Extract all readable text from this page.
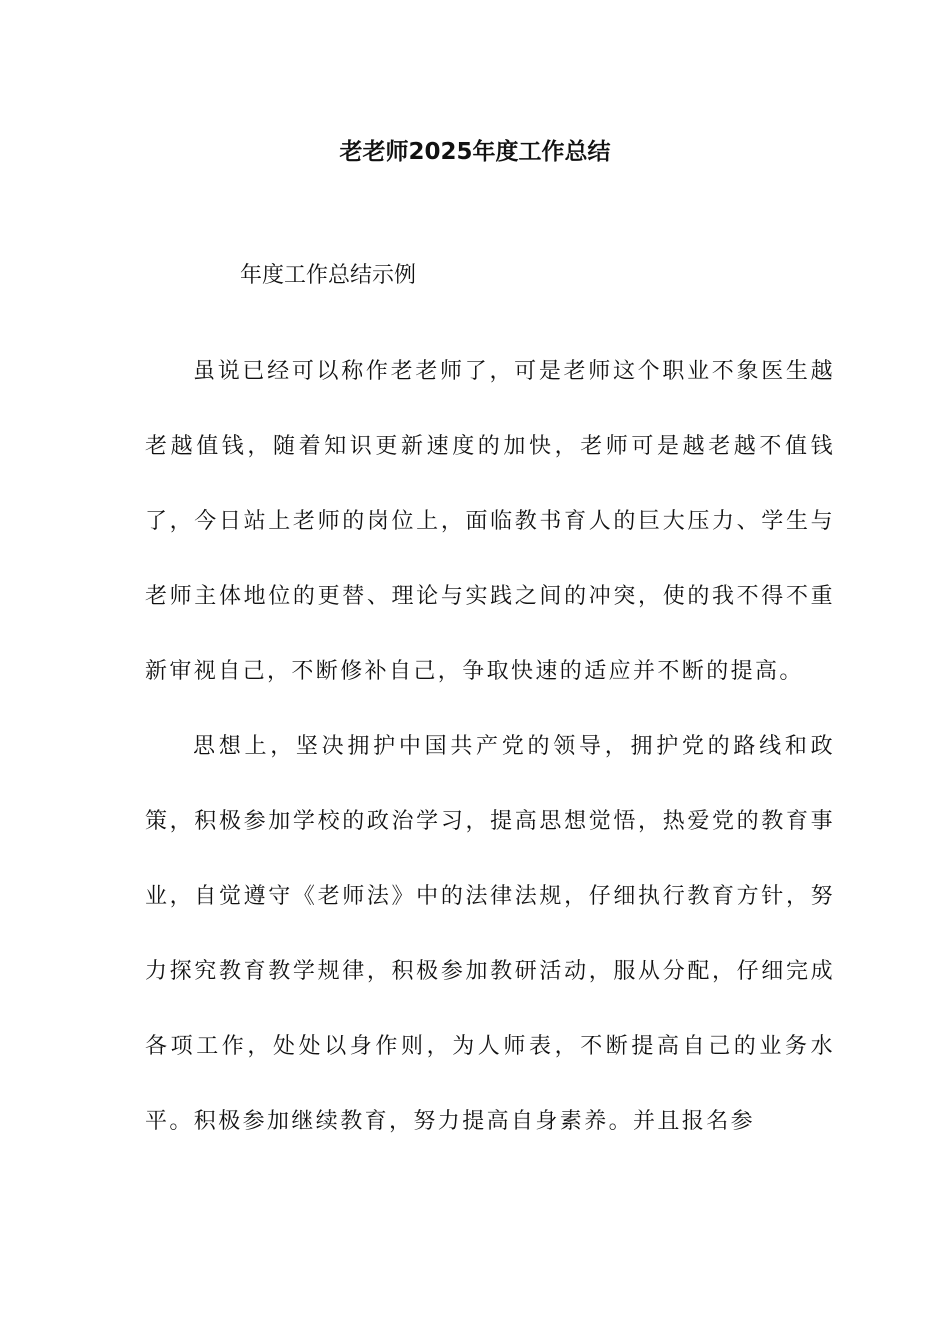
老老师2025年度工作总结
年度工作总结示例

虽说已经可以称作老老师了，可是老师这个职业不象医生越老越值钱，随着知识更新速度的加快，老师可是越老越不值钱了，今日站上老师的岗位上，面临教书育人的巨大压力、学生与老师主体地位的更替、理论与实践之间的冲突，使的我不得不重新审视自己，不断修补自己，争取快速的适应并不断的提高。

思想上，坚决拥护中国共产党的领导，拥护党的路线和政策，积极参加学校的政治学习，提高思想觉悟，热爱党的教育事业，自觉遵守《老师法》中的法律法规，仔细执行教育方针，努力探究教育教学规律，积极参加教研活动，服从分配，仔细完成各项工作，处处以身作则，为人师表，不断提高自己的业务水平。积极参加继续教育，努力提高自身素养。并且报名参
